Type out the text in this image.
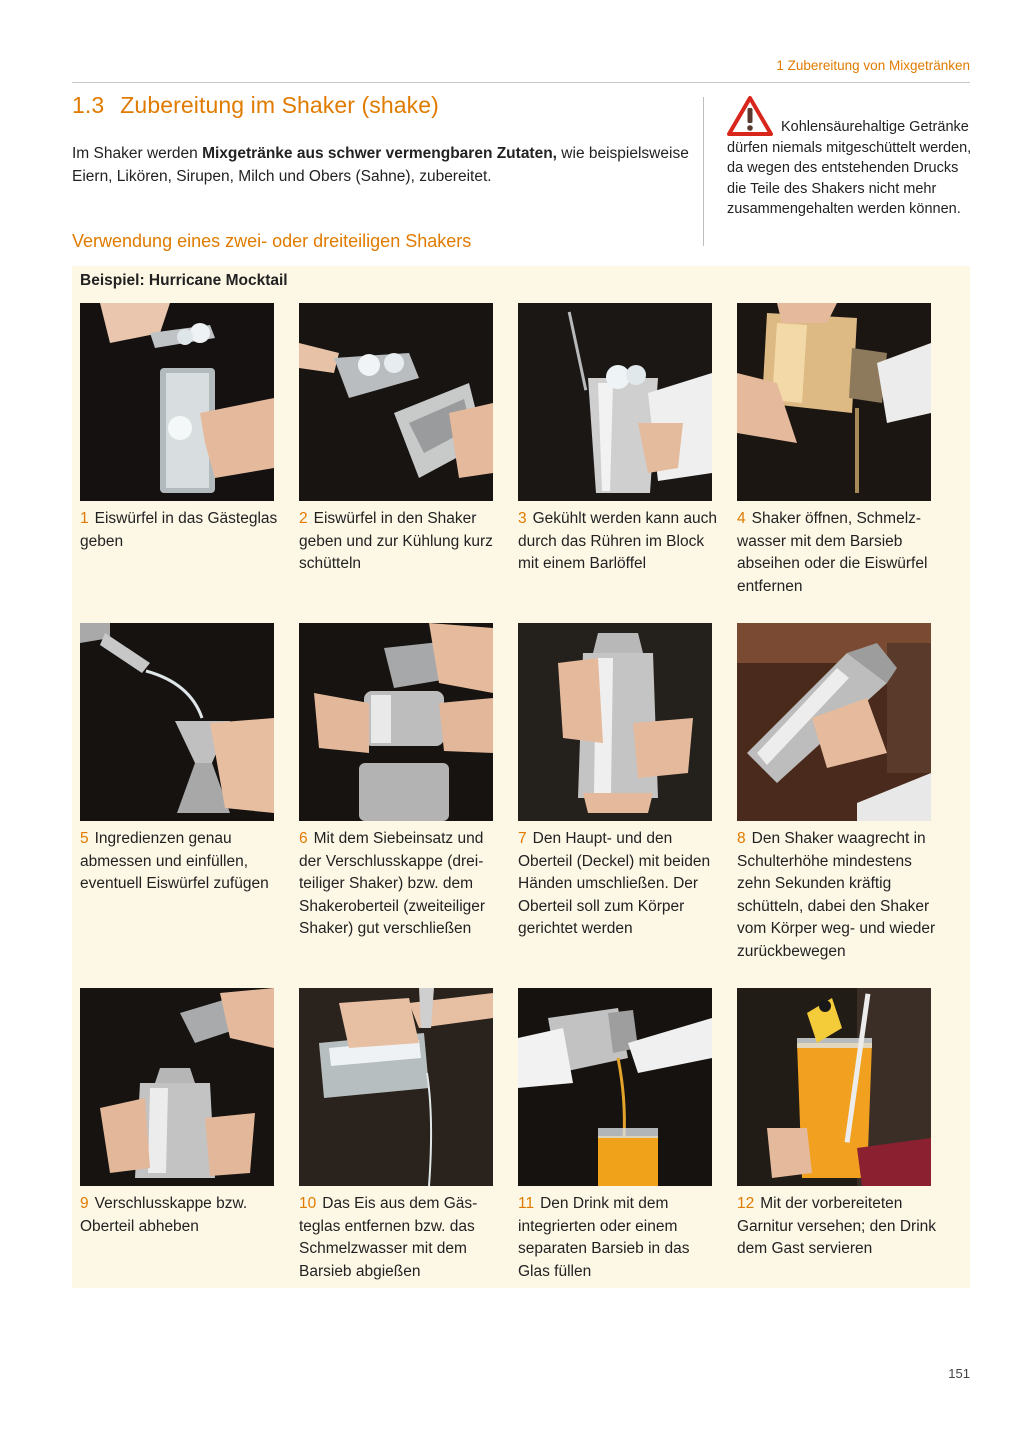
1 Zubereitung von Mixgetränken
1.3 Zubereitung im Shaker (shake)

Im Shaker werden Mixgetränke aus schwer vermengbaren Zutaten, wie beispielsweise Eiern, Likören, Sirupen, Milch und Obers (Sahne), zubereitet.

Verwendung eines zwei- oder dreiteiligen Shakers
Kohlensäurehaltige Getränke dürfen niemals mitgeschüttelt werden, da wegen des entstehenden Drucks die Teile des Shakers nicht mehr zusammengehalten werden können.
Beispiel: Hurricane Mocktail

1 Eiswürfel in das Gästeglas geben

2 Eiswürfel in den Shaker geben und zur Kühlung kurz schütteln

3 Gekühlt werden kann auch durch das Rühren im Block mit einem Barlöffel

4 Shaker öffnen, Schmelzwasser mit dem Barsieb abseihen oder die Eiswürfel entfernen

5 Ingredienzen genau abmessen und einfüllen, eventuell Eiswürfel zufügen

6 Mit dem Siebeinsatz und der Verschlusskappe (dreiteiliger Shaker) bzw. dem Shakeroberteil (zweiteiliger Shaker) gut verschließen

7 Den Haupt- und den Oberteil (Deckel) mit beiden Händen umschließen. Der Oberteil soll zum Körper gerichtet werden

8 Den Shaker waagrecht in Schulterhöhe mindestens zehn Sekunden kräftig schütteln, dabei den Shaker vom Körper weg- und wieder zurückbewegen

9 Verschlusskappe bzw. Oberteil abheben

10 Das Eis aus dem Gästeglas entfernen bzw. das Schmelzwasser mit dem Barsieb abgießen

11 Den Drink mit dem integrierten oder einem separaten Barsieb in das Glas füllen

12 Mit der vorbereiteten Garnitur versehen; den Drink dem Gast servieren

151
